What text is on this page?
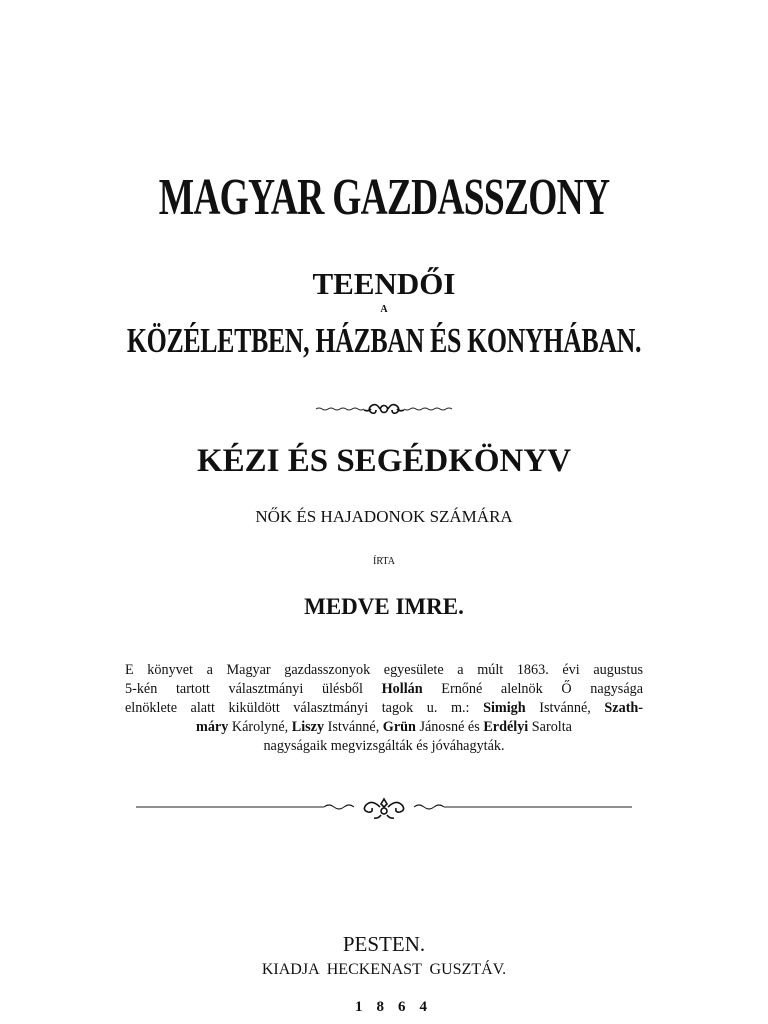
MAGYAR GAZDASSZONY
TEENDŐI
A
KÖZÉLETBEN, HÁZBAN ÉS KONYHÁBAN.
KÉZI ÉS SEGÉDKÖNYV
NŐK ÉS HAJADONOK SZÁMÁRA
ÍRTA
MEDVE IMRE.
E könyvet a Magyar gazdasszonyok egyesülete a múlt 1863. évi augustus
5-kén tartott választmányi ülésből Hollán Ernőné alelnök Ő nagysága
elnöklete alatt kiküldött választmányi tagok u. m.: Simigh Istvánné, Szath-
máry Károlyné, Liszy Istvánné, Grün Jánosné és Erdélyi Sarolta
nagyságaik megvizsgálták és jóváhagyták.
PESTEN.
KIADJA HECKENAST GUSZTÁV.
1864
